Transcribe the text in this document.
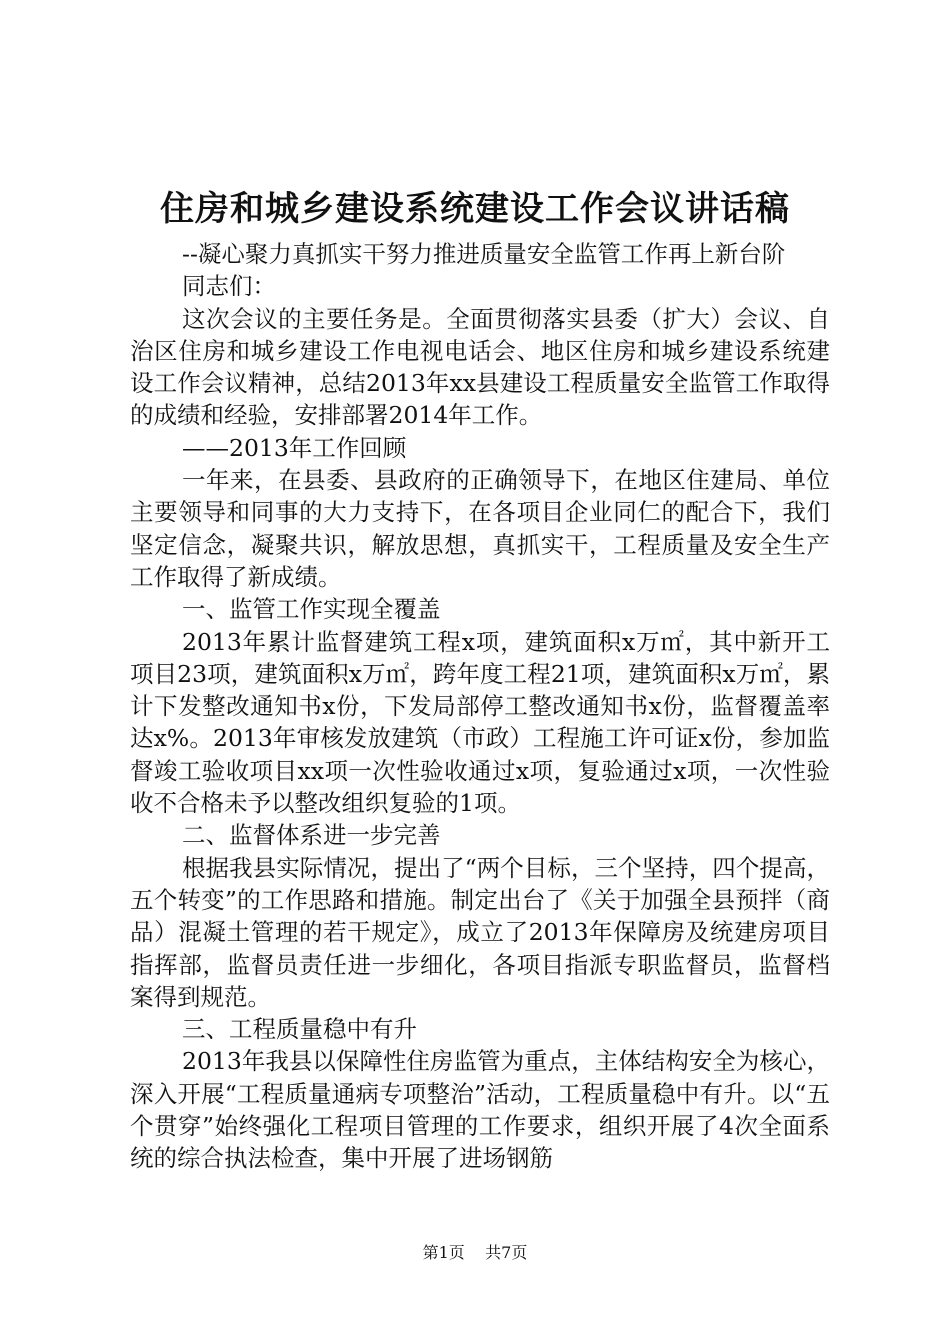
住房和城乡建设系统建设工作会议讲话稿

--凝心聚力真抓实干努力推进质量安全监管工作再上新台阶

同志们：

这次会议的主要任务是。全面贯彻落实县委（扩大）会议、自治区住房和城乡建设工作电视电话会、地区住房和城乡建设系统建设工作会议精神，总结2013年xx县建设工程质量安全监管工作取得的成绩和经验，安排部署2014年工作。

——2013年工作回顾

一年来，在县委、县政府的正确领导下，在地区住建局、单位主要领导和同事的大力支持下，在各项目企业同仁的配合下，我们坚定信念，凝聚共识，解放思想，真抓实干，工程质量及安全生产工作取得了新成绩。

一、监管工作实现全覆盖

2013年累计监督建筑工程x项，建筑面积x万㎡，其中新开工项目23项，建筑面积x万㎡，跨年度工程21项，建筑面积x万㎡，累计下发整改通知书x份，下发局部停工整改通知书x份，监督覆盖率达x%。2013年审核发放建筑（市政）工程施工许可证x份，参加监督竣工验收项目xx项一次性验收通过x项，复验通过x项，一次性验收不合格未予以整改组织复验的1项。

二、监督体系进一步完善

根据我县实际情况，提出了“两个目标，三个坚持，四个提高，五个转变”的工作思路和措施。制定出台了《关于加强全县预拌（商品）混凝土管理的若干规定》，成立了2013年保障房及统建房项目指挥部，监督员责任进一步细化，各项目指派专职监督员，监督档案得到规范。

三、工程质量稳中有升

2013年我县以保障性住房监管为重点，主体结构安全为核心，深入开展“工程质量通病专项整治”活动，工程质量稳中有升。以“五个贯穿”始终强化工程项目管理的工作要求，组织开展了4次全面系统的综合执法检查，集中开展了进场钢筋

第1页 共7页
